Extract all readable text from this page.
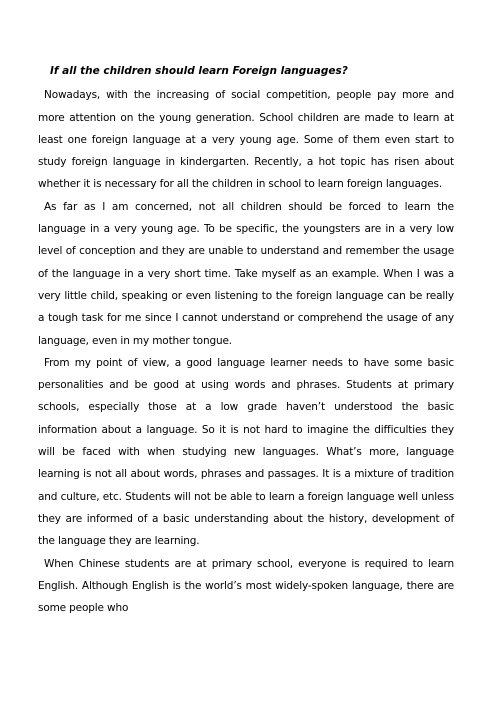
If all the children should learn Foreign languages?

Nowadays, with the increasing of social competition, people pay more and more attention on the young generation. School children are made to learn at least one foreign language at a very young age. Some of them even start to study foreign language in kindergarten. Recently, a hot topic has risen about whether it is necessary for all the children in school to learn foreign languages.

As far as I am concerned, not all children should be forced to learn the language in a very young age. To be specific, the youngsters are in a very low level of conception and they are unable to understand and remember the usage of the language in a very short time. Take myself as an example. When I was a very little child, speaking or even listening to the foreign language can be really a tough task for me since I cannot understand or comprehend the usage of any language, even in my mother tongue.

From my point of view, a good language learner needs to have some basic personalities and be good at using words and phrases. Students at primary schools, especially those at a low grade haven’t understood the basic information about a language. So it is not hard to imagine the difficulties they will be faced with when studying new languages. What’s more, language learning is not all about words, phrases and passages. It is a mixture of tradition and culture, etc. Students will not be able to learn a foreign language well unless they are informed of a basic understanding about the history, development of the language they are learning.

When Chinese students are at primary school, everyone is required to learn English. Although English is the world’s most widely-spoken language, there are some people who
